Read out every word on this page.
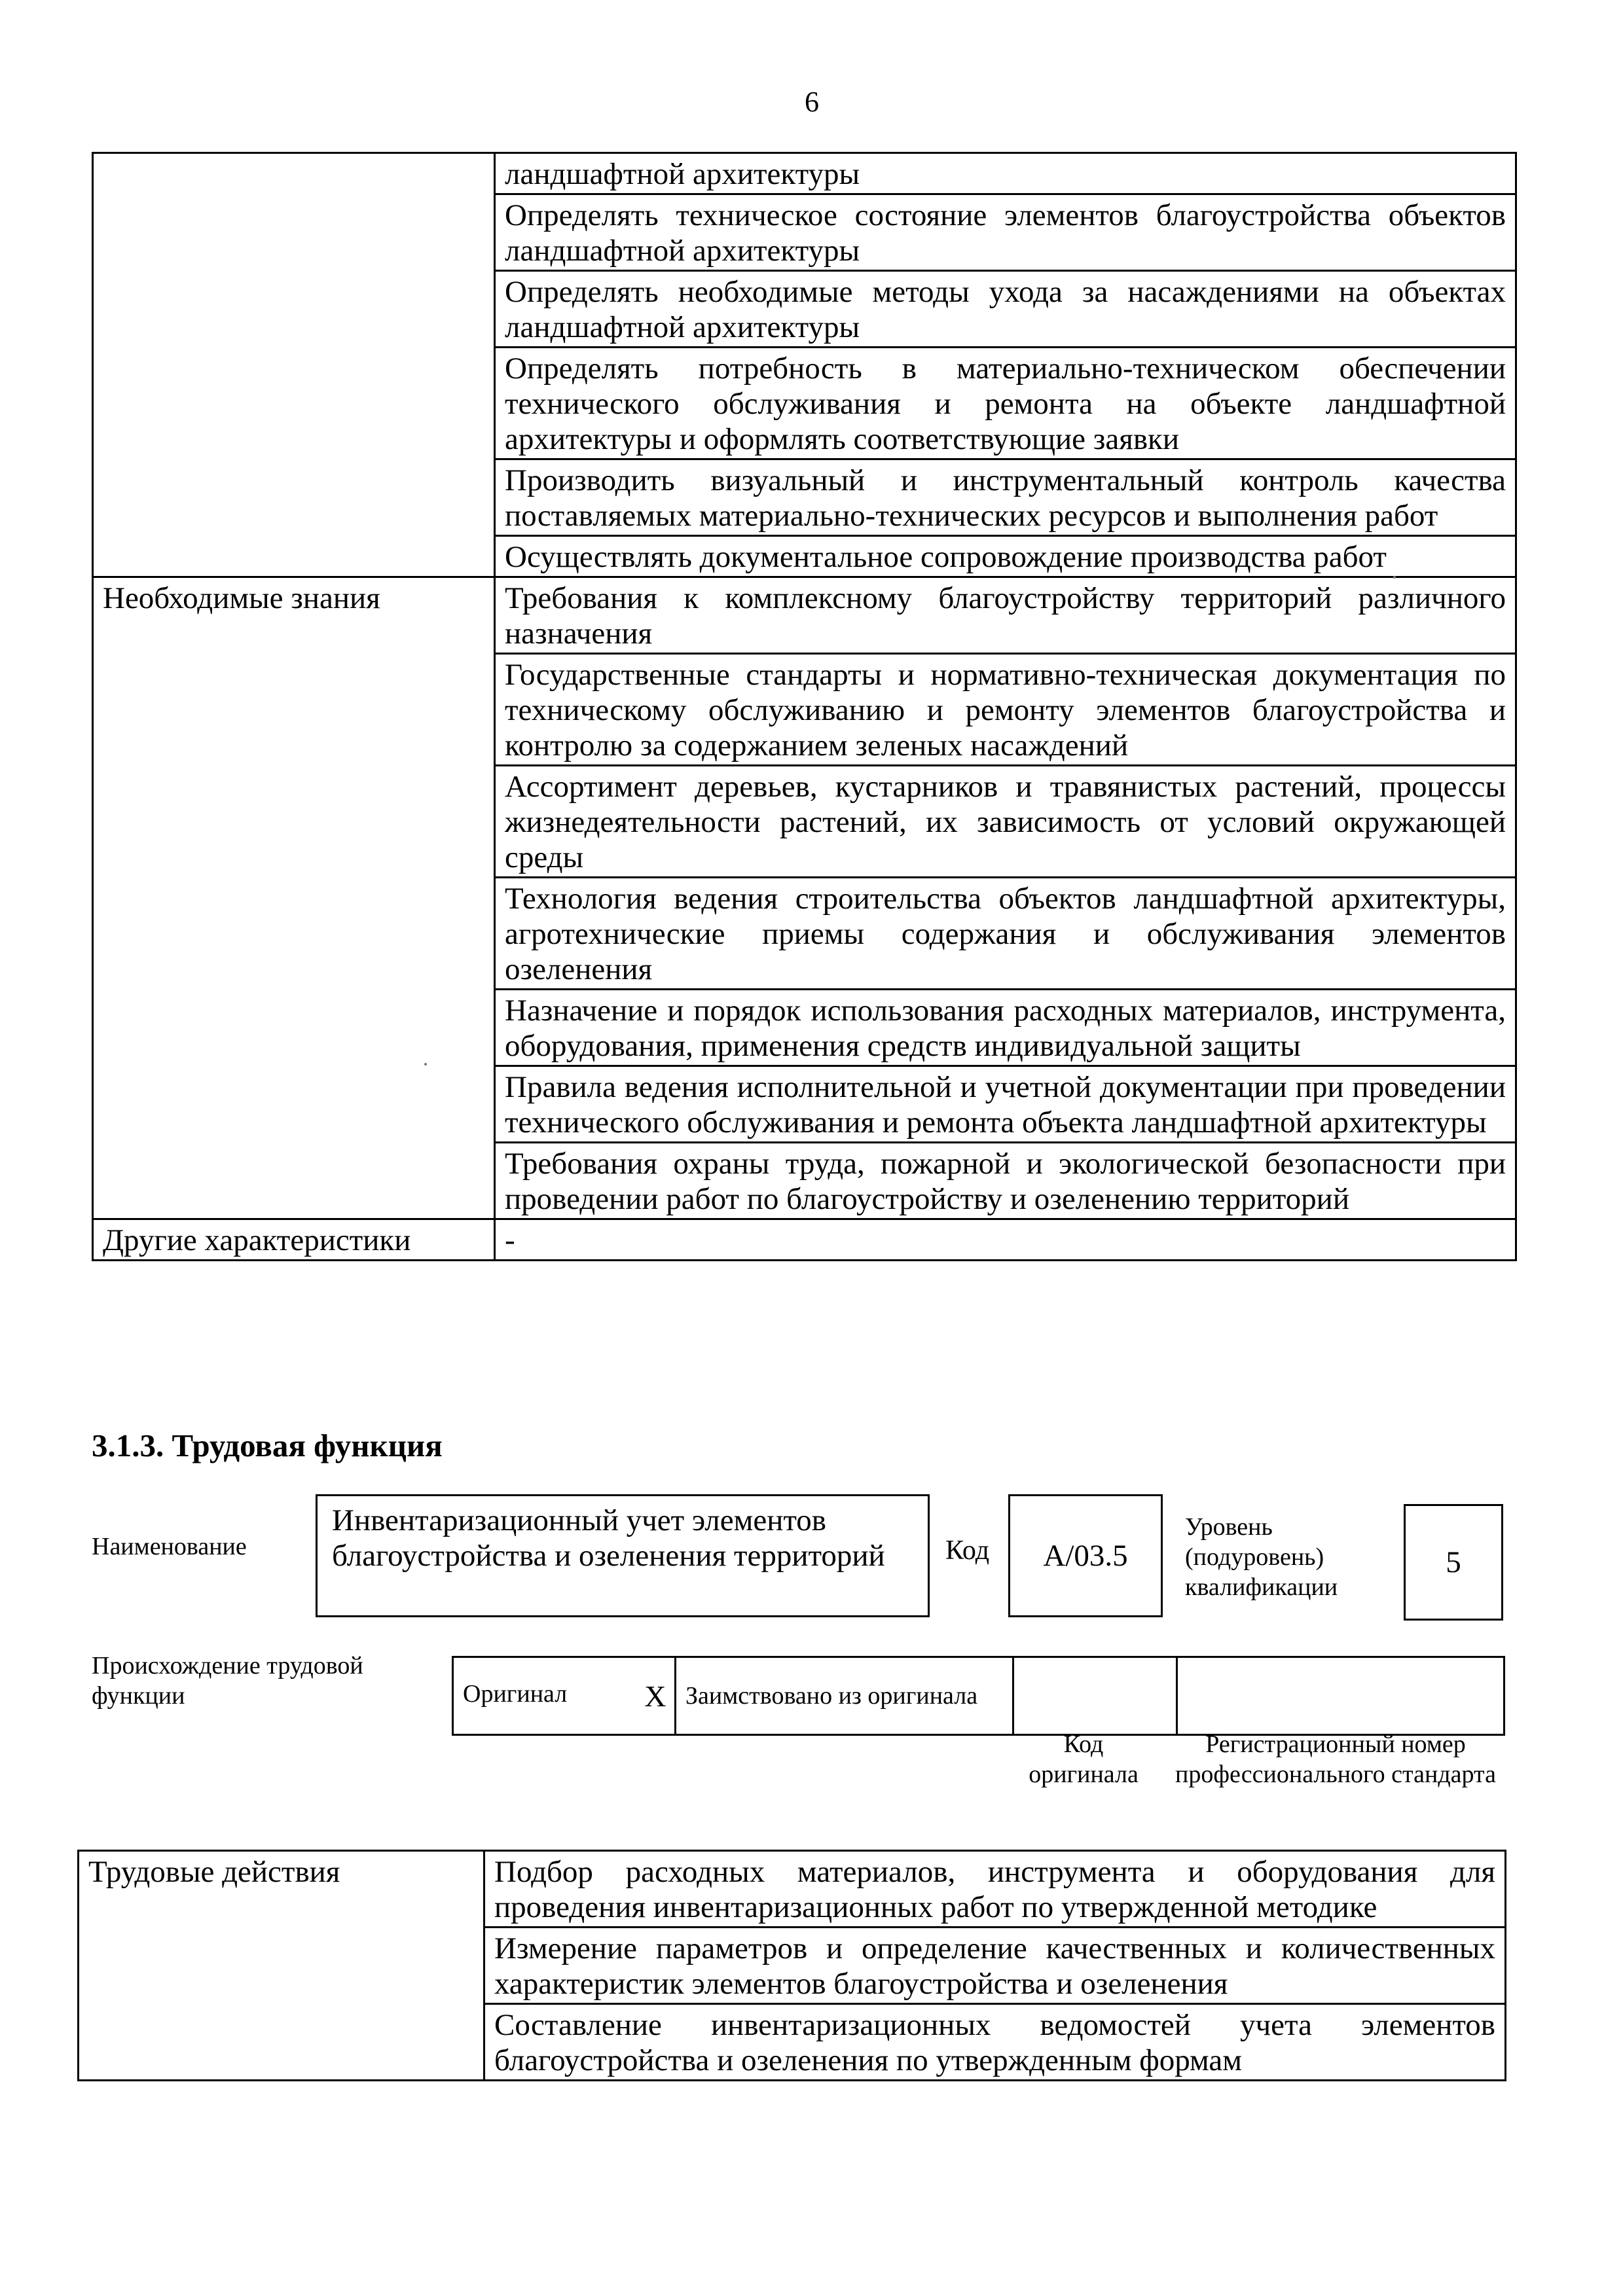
6
	ландшафтной архитектуры
	Определять техническое состояние элементов благоустройства объектов ландшафтной архитектуры
	Определять необходимые методы ухода за насаждениями на объектах ландшафтной архитектуры
	Определять потребность в материально-техническом обеспечении технического обслуживания и ремонта на объекте ландшафтной архитектуры и оформлять соответствующие заявки
	Производить визуальный и инструментальный контроль качества поставляемых материально-технических ресурсов и выполнения работ
	Осуществлять документальное сопровождение производства работ
Необходимые знания	Требования к комплексному благоустройству территорий различного назначения
	Государственные стандарты и нормативно-техническая документация по техническому обслуживанию и ремонту элементов благоустройства и контролю за содержанием зеленых насаждений
	Ассортимент деревьев, кустарников и травянистых растений, процессы жизнедеятельности растений, их зависимость от условий окружающей среды
	Технология ведения строительства объектов ландшафтной архитектуры, агротехнические приемы содержания и обслуживания элементов озеленения
	Назначение и порядок использования расходных материалов, инструмента, оборудования, применения средств индивидуальной защиты
	Правила ведения исполнительной и учетной документации при проведении технического обслуживания и ремонта объекта ландшафтной архитектуры
	Требования охраны труда, пожарной и экологической безопасности при проведении работ по благоустройству и озеленению территорий
Другие характеристики	-
3.1.3. Трудовая функция
Наименование
Инвентаризационный учет элементов благоустройства и озеленения территорий	Код	А/03.5
Уровень (подуровень) квалификации
5
Происхождение трудовой функции	Оригинал	X		Заимствовано из оригинала		
Код оригинала
Регистрационный номер профессионального стандарта
Трудовые действия	Подбор расходных материалов, инструмента и оборудования для проведения инвентаризационных работ по утвержденной методике
Измерение параметров и определение качественных и количественных характеристик элементов благоустройства и озеленения
Составление инвентаризационных ведомостей учета элементов благоустройства и озеленения по утвержденным формам
